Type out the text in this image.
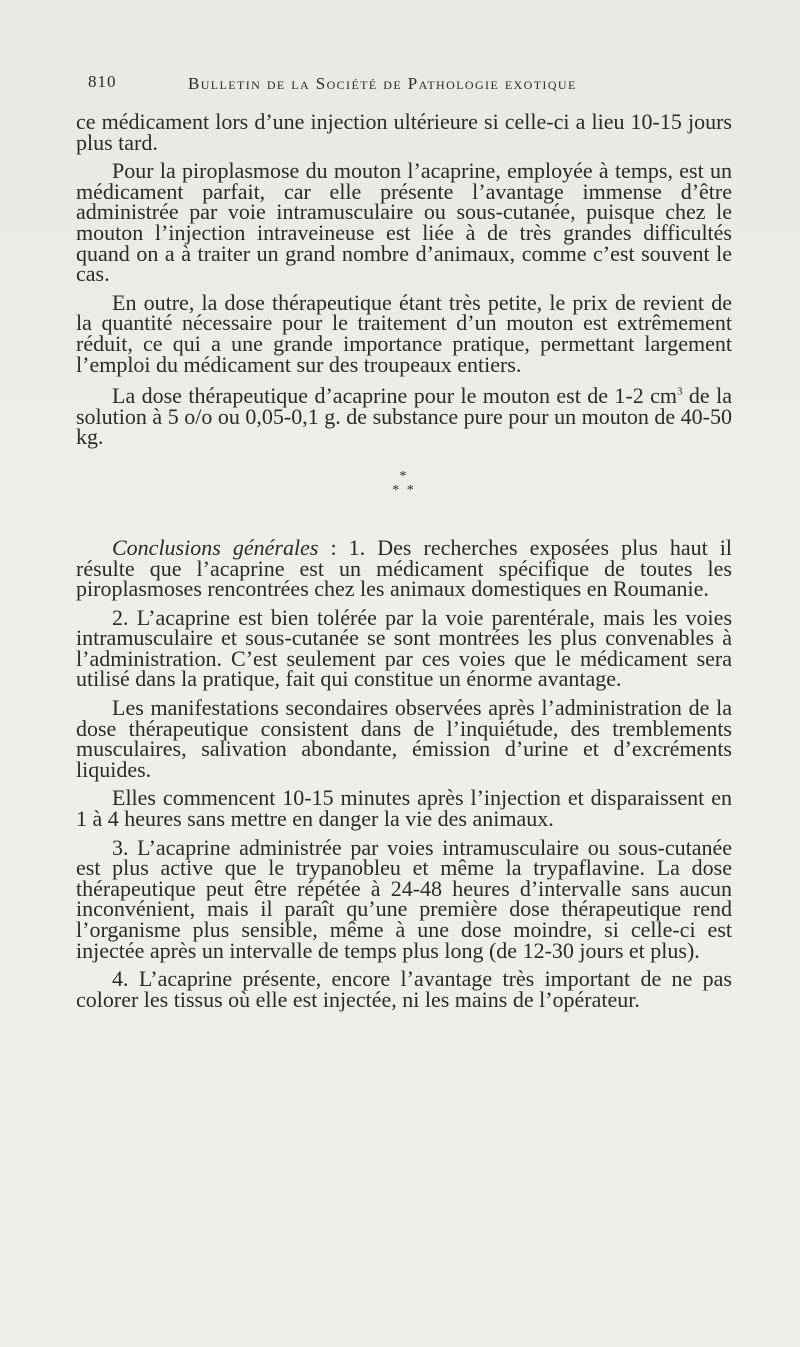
810	Bulletin de la Société de Pathologie exotique

ce médicament lors d’une injection ultérieure si celle-ci a lieu 10-15 jours plus tard.

Pour la piroplasmose du mouton l’acaprine, employée à temps, est un médicament parfait, car elle présente l’avantage immense d’être administrée par voie intramusculaire ou sous-cutanée, puisque chez le mouton l’injection intraveineuse est liée à de très grandes difficultés quand on a à traiter un grand nombre d’animaux, comme c’est souvent le cas.

En outre, la dose thérapeutique étant très petite, le prix de revient de la quantité nécessaire pour le traitement d’un mouton est extrêmement réduit, ce qui a une grande importance pratique, permettant largement l’emploi du médicament sur des troupeaux entiers.

La dose thérapeutique d’acaprine pour le mouton est de 1-2 $cm^3$ de la solution à 5 o/o ou 0,05-0,1 g. de substance pure pour un mouton de 40-50 kg.

*
* *

Conclusions générales : 1. Des recherches exposées plus haut il résulte que l’acaprine est un médicament spécifique de toutes les piroplasmoses rencontrées chez les animaux domestiques en Roumanie.

2. L’acaprine est bien tolérée par la voie parentérale, mais les voies intramusculaire et sous-cutanée se sont montrées les plus convenables à l’administration. C’est seulement par ces voies que le médicament sera utilisé dans la pratique, fait qui constitue un énorme avantage.

Les manifestations secondaires observées après l’administration de la dose thérapeutique consistent dans de l’inquiétude, des tremblements musculaires, salivation abondante, émission d’urine et d’excréments liquides.

Elles commencent 10-15 minutes après l’injection et disparaissent en 1 à 4 heures sans mettre en danger la vie des animaux.

3. L’acaprine administrée par voies intramusculaire ou sous-cutanée est plus active que le trypanobleu et même la trypaflavine. La dose thérapeutique peut être répétée à 24-48 heures d’intervalle sans aucun inconvénient, mais il paraît qu’une première dose thérapeutique rend l’organisme plus sensible, même à une dose moindre, si celle-ci est injectée après un intervalle de temps plus long (de 12-30 jours et plus).

4. L’acaprine présente, encore l’avantage très important de ne pas colorer les tissus où elle est injectée, ni les mains de l’opérateur.
